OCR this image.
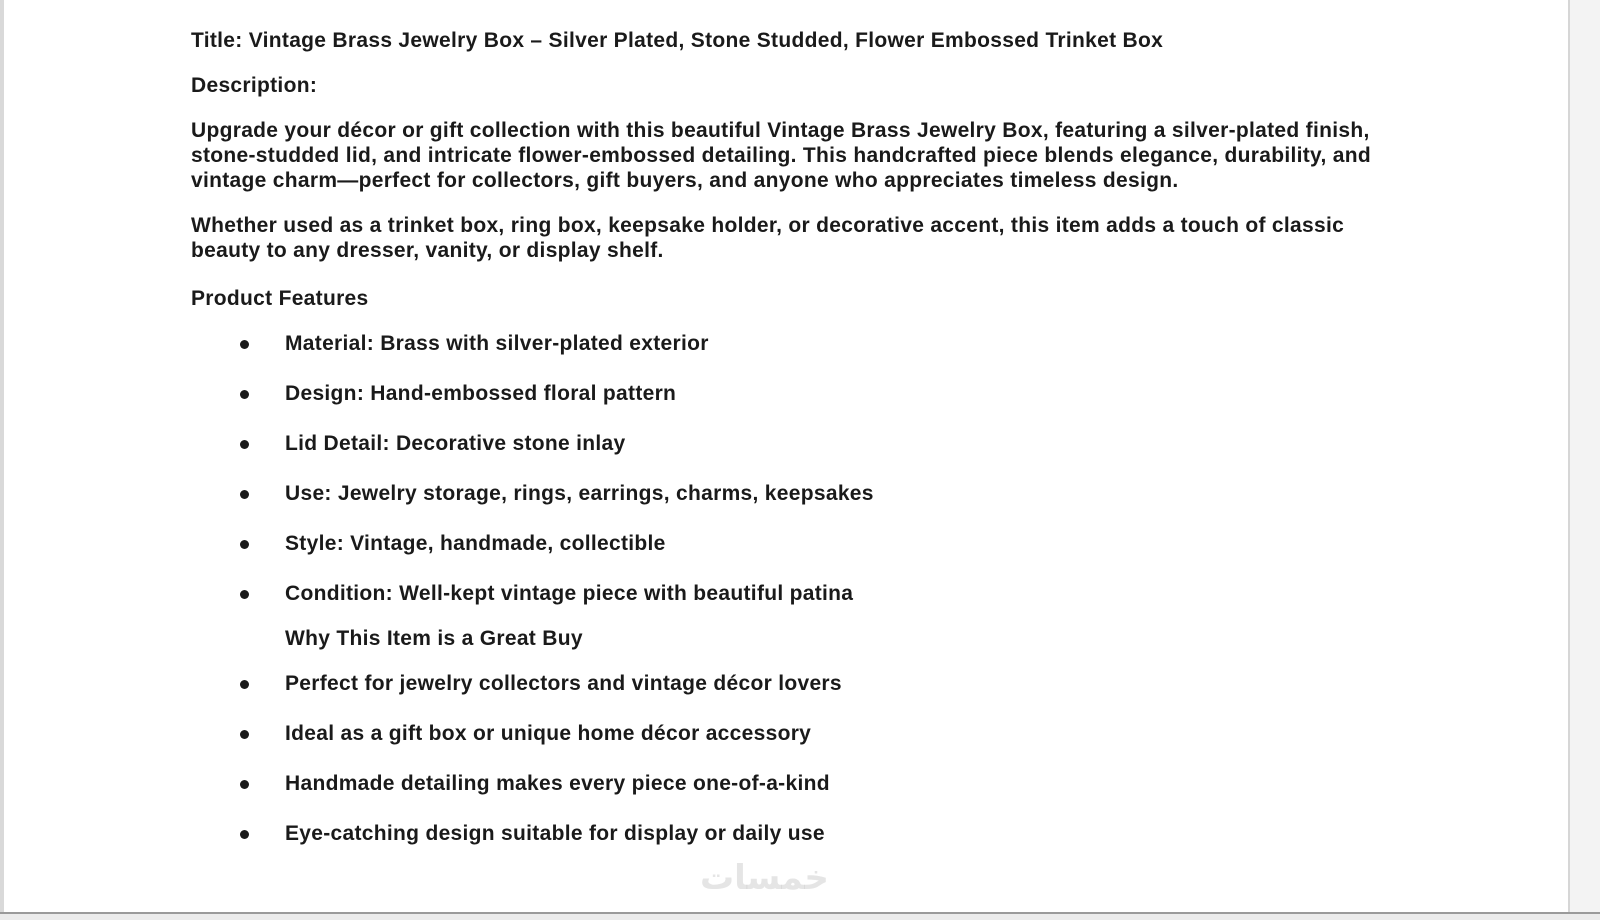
Title: Vintage Brass Jewelry Box – Silver Plated, Stone Studded, Flower Embossed Trinket Box

Description:

Upgrade your décor or gift collection with this beautiful Vintage Brass Jewelry Box, featuring a silver-plated finish, stone-studded lid, and intricate flower-embossed detailing. This handcrafted piece blends elegance, durability, and vintage charm—perfect for collectors, gift buyers, and anyone who appreciates timeless design.

Whether used as a trinket box, ring box, keepsake holder, or decorative accent, this item adds a touch of classic beauty to any dresser, vanity, or display shelf.

Product Features

Material: Brass with silver-plated exterior
Design: Hand-embossed floral pattern
Lid Detail: Decorative stone inlay
Use: Jewelry storage, rings, earrings, charms, keepsakes
Style: Vintage, handmade, collectible
Condition: Well-kept vintage piece with beautiful patina

Why This Item is a Great Buy

Perfect for jewelry collectors and vintage décor lovers
Ideal as a gift box or unique home décor accessory
Handmade detailing makes every piece one-of-a-kind
Eye-catching design suitable for display or daily use
خمسات
